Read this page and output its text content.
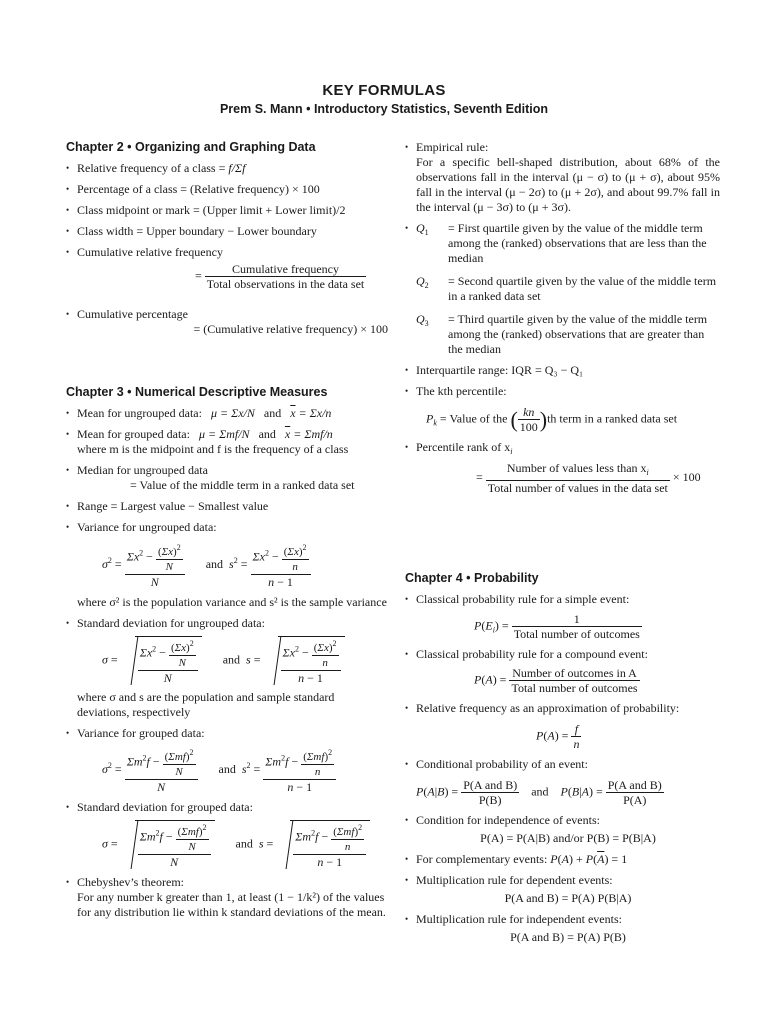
KEY FORMULAS
Prem S. Mann • Introductory Statistics, Seventh Edition
Chapter 2 • Organizing and Graphing Data
• Relative frequency of a class = f/Σf
• Percentage of a class = (Relative frequency) × 100
• Class midpoint or mark = (Upper limit + Lower limit)/2
• Class width = Upper boundary − Lower boundary
• Cumulative relative frequency
= $\frac{\text{Cumulative frequency}}{\text{Total observations in the data set}}$
• Cumulative percentage
= (Cumulative relative frequency) × 100
Chapter 3 • Numerical Descriptive Measures
• Mean for ungrouped data: μ = Σx/N and $\overline{x} = \Sigma x/n$
• Mean for grouped data: μ = Σmf/N and $\overline{x} = \Sigma mf/n$
where m is the midpoint and f is the frequency of a class
• Median for ungrouped data
= Value of the middle term in a ranked data set
• Range = Largest value − Smallest value
• Variance for ungrouped data:
$\sigma^2 = \frac{\Sigma x^2 - \frac{(\Sigma x)^2}{N}}{N}$ and  $s^2 = \frac{\Sigma x^2 - \frac{(\Sigma x)^2}{n}}{n - 1}$
where σ² is the population variance and s² is the sample variance
• Standard deviation for ungrouped data:
$\sigma = \frac{\Sigma x^2 - \frac{(\Sigma x)^2}{N}}{N}$ and  $s = \frac{\Sigma x^2 - \frac{(\Sigma x)^2}{n}}{n - 1}$
where σ and s are the population and sample standard deviations, respectively
• Variance for grouped data:
$\sigma^2 = \frac{\Sigma m^2f - \frac{(\Sigma mf)^2}{N}}{N}$ and  $s^2 = \frac{\Sigma m^2f - \frac{(\Sigma mf)^2}{n}}{n - 1}$
• Standard deviation for grouped data:
$\sigma = \frac{\Sigma m^2f - \frac{(\Sigma mf)^2}{N}}{N}$ and  $s = \frac{\Sigma m^2f - \frac{(\Sigma mf)^2}{n}}{n - 1}$
• Chebyshev’s theorem:
For any number k greater than 1, at least (1 − 1/k²) of the values for any distribution lie within k standard deviations of the mean.
• Empirical rule:
For a specific bell-shaped distribution, about 68% of the observations fall in the interval (μ − σ) to (μ + σ), about 95% fall in the interval (μ − 2σ) to (μ + 2σ), and about 99.7% fall in the interval (μ − 3σ) to (μ + 3σ).
• $Q_1$	= First quartile given by the value of the middle term among the (ranked) observations that are less than the median
$Q_2$	= Second quartile given by the value of the middle term in a ranked data set
$Q_3$	= Third quartile given by the value of the middle term among the (ranked) observations that are greater than the median
• Interquartile range: IQR = Q₃ − Q₁
• The kth percentile:
$P_k$ = Value of the ( $\frac{kn}{100} )th$ term in a ranked data set
• Percentile rank of $x_i$
= $\frac{Number of values less than x_i}{\text{Total number of values in the data set}} \times 100$
Chapter 4 • Probability
• Classical probability rule for a simple event:
$P(E_i) = \frac{1}{\text{Total number of outcomes}}$
• Classical probability rule for a compound event:
$P(A) = \frac{\text{Number of outcomes in A}}{\text{Total number of outcomes}}$
• Relative frequency as an approximation of probability:
$P(A) = \frac{f}{n}$
• Conditional probability of an event:
$P(A|B) = \frac{\text{P(A and B)}}{P(B)}$ and    $P(B|A) = \frac{\text{P(A and B)}}{P(A)}$
• Condition for independence of events:
P(A) = P(A|B) and/or P(B) = P(B|A)
• For complementary events: $P(A) + P(\overline{A}) = 1$
• Multiplication rule for dependent events:
P(A and B) = P(A) P(B|A)
• Multiplication rule for independent events:
P(A and B) = P(A) P(B)
